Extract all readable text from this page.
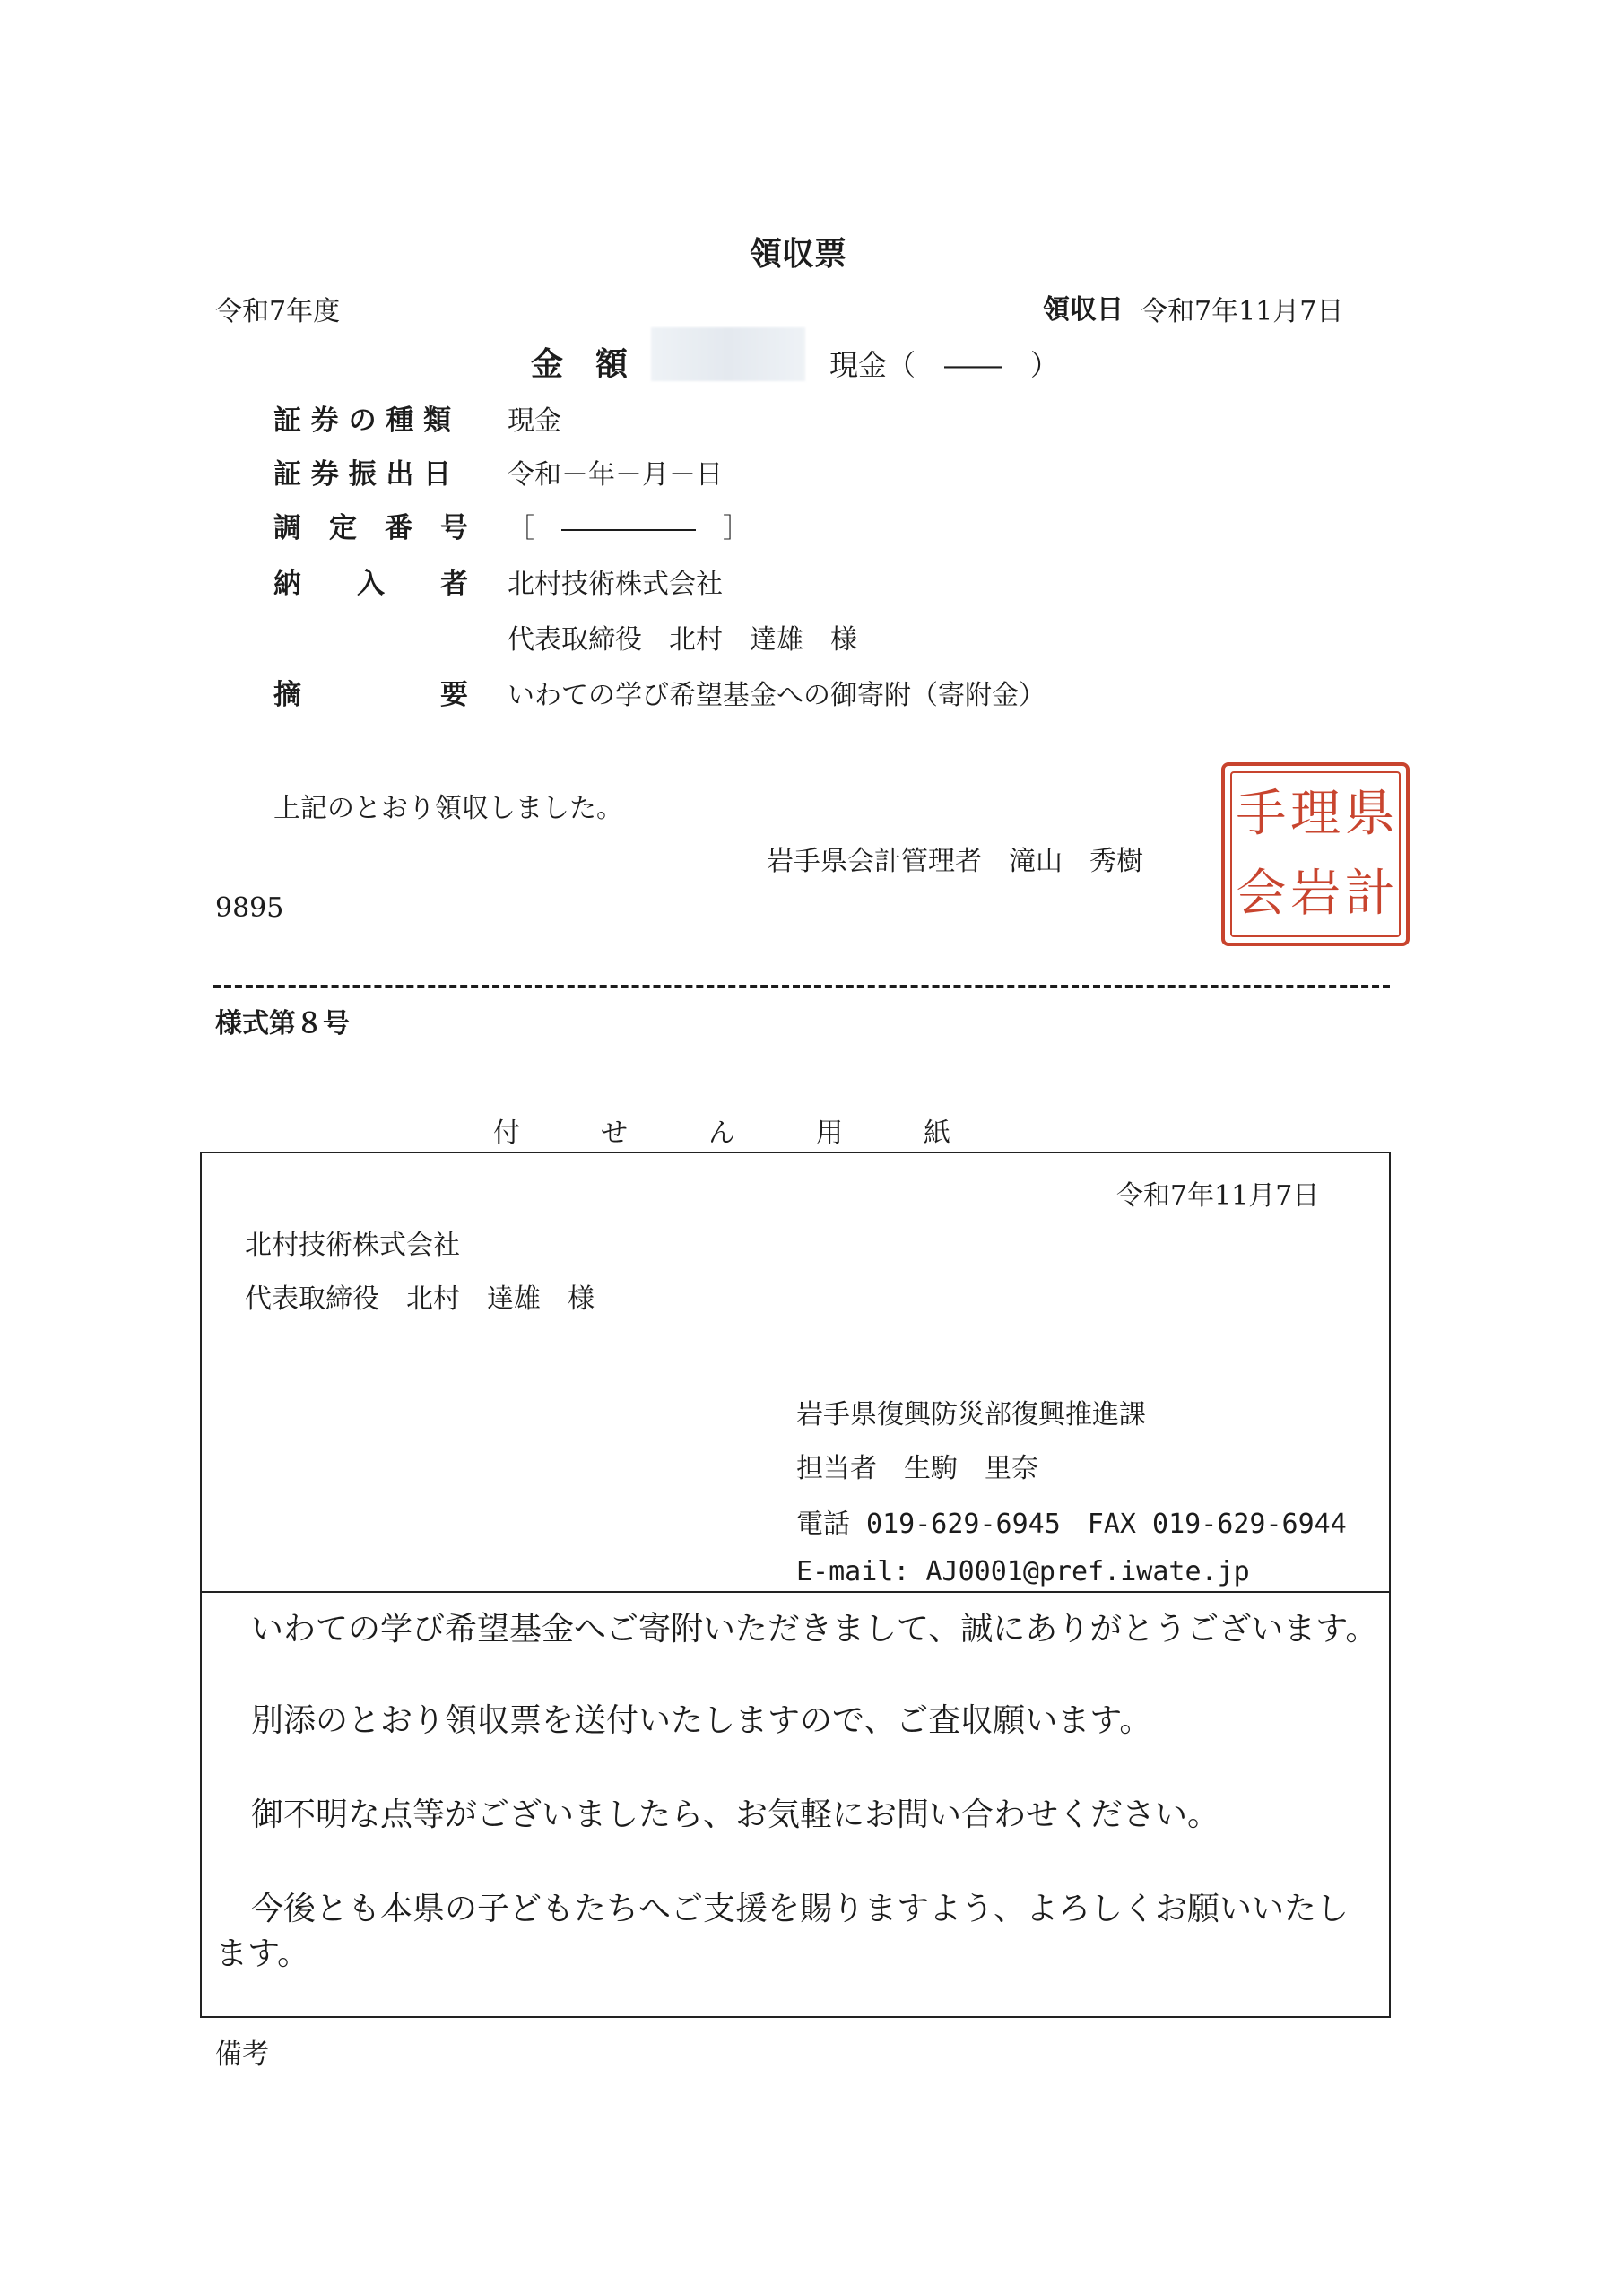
領収票
令和7年度	領収日 令和7年11月7日
金　額	現金（　――　）
証 券 の 種 類 現金
証 券 振 出 日 令和－年－月－日
調　定　番　号 ［　―――――　］
納　　入　　者 北村技術株式会社
代表取締役　北村　達雄　様
摘　　　　　要 いわての学び希望基金への御寄附（寄附金）
上記のとおり領収しました。
岩手県会計管理者　滝山　秀樹
9895
県
計
理
岩
手
会
様式第８号
付　　　せ　　　ん　　　用　　　紙
令和7年11月7日
北村技術株式会社
代表取締役　北村　達雄　様
岩手県復興防災部復興推進課
担当者　生駒　里奈
電話 019-629-6945　FAX 019-629-6944
E-mail: AJ0001@pref.iwate.jp
いわての学び希望基金へご寄附いただきまして、誠にありがとうございます。
別添のとおり領収票を送付いたしますので、ご査収願います。
御不明な点等がございましたら、お気軽にお問い合わせください。
今後とも本県の子どもたちへご支援を賜りますよう、よろしくお願いいたし
ます。
備考
